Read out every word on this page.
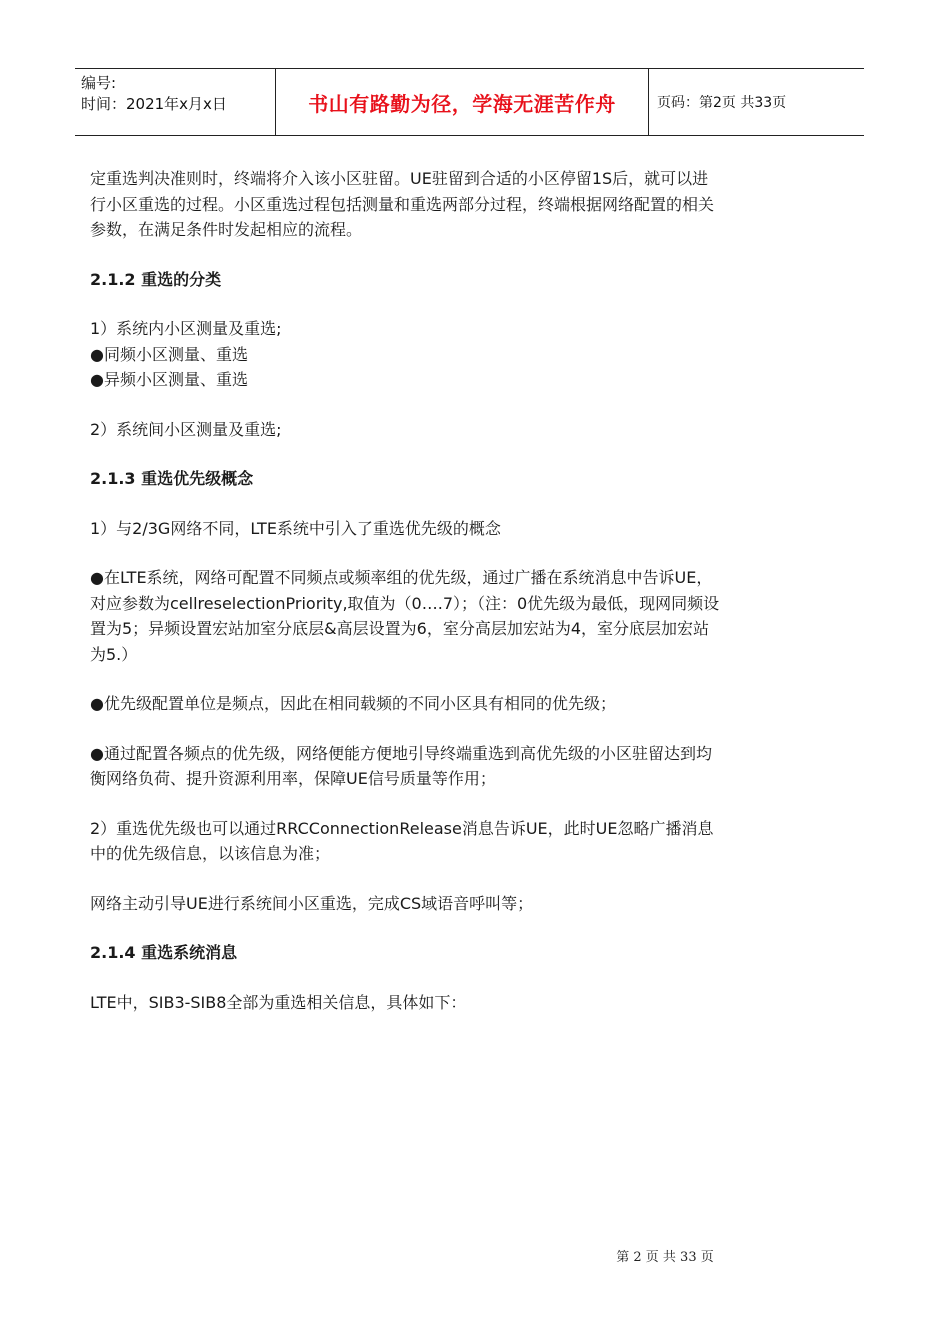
编号:
时间：2021年x月x日	书山有路勤为径，学海无涯苦作舟	页码：第2页 共33页
定重选判决准则时，终端将介入该小区驻留。UE驻留到合适的小区停留1S后，就可以进
行小区重选的过程。小区重选过程包括测量和重选两部分过程，终端根据网络配置的相关
参数，在满足条件时发起相应的流程。
2.1.2 重选的分类
1）系统内小区测量及重选;
●同频小区测量、重选
●异频小区测量、重选
2）系统间小区测量及重选;
2.1.3 重选优先级概念
1）与2/3G网络不同，LTE系统中引入了重选优先级的概念
●在LTE系统，网络可配置不同频点或频率组的优先级，通过广播在系统消息中告诉UE，
对应参数为cellreselectionPriority,取值为（0….7）；（注：0优先级为最低，现网同频设
置为5；异频设置宏站加室分底层&高层设置为6，室分高层加宏站为4，室分底层加宏站
为5.）
●优先级配置单位是频点，因此在相同载频的不同小区具有相同的优先级；
●通过配置各频点的优先级，网络便能方便地引导终端重选到高优先级的小区驻留达到均
衡网络负荷、提升资源利用率，保障UE信号质量等作用；
2）重选优先级也可以通过RRCConnectionRelease消息告诉UE，此时UE忽略广播消息
中的优先级信息，以该信息为准；
网络主动引导UE进行系统间小区重选，完成CS域语音呼叫等；
2.1.4 重选系统消息
LTE中，SIB3-SIB8全部为重选相关信息，具体如下：
第 2 页 共 33 页
